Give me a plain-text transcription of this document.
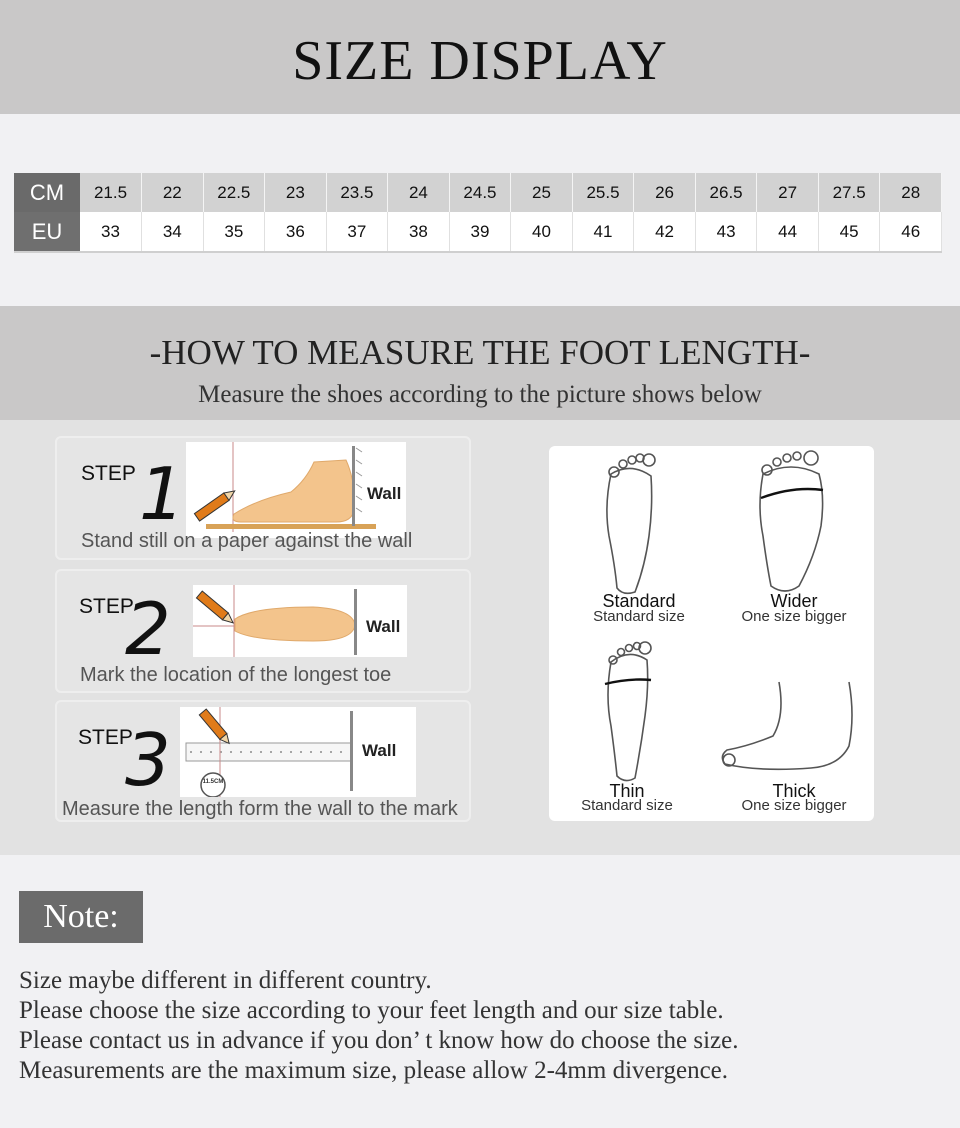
SIZE DISPLAY
CM	21.5	22	22.5	23	23.5	24	24.5	25	25.5	26	26.5	27	27.5	28
EU	33	34	35	36	37	38	39	40	41	42	43	44	45	46
-HOW TO MEASURE THE FOOT LENGTH-
Measure the shoes according to the picture shows below
STEP 1	Wall
Stand still on a paper against the wall
STEP
2	Wall
Mark the location of the longest toe
STEP
3	11.5CM
Wall
Measure the length form the wall to the mark
Standard
Standard size
Wider
One size bigger
Thin
Standard size
Thick
One size bigger
Note:
Size maybe different in different country.
Please choose the size according to your feet length and our size table.
Please contact us in advance if you don’ t know how do choose the size.
Measurements are the maximum size, please allow 2-4mm divergence.
